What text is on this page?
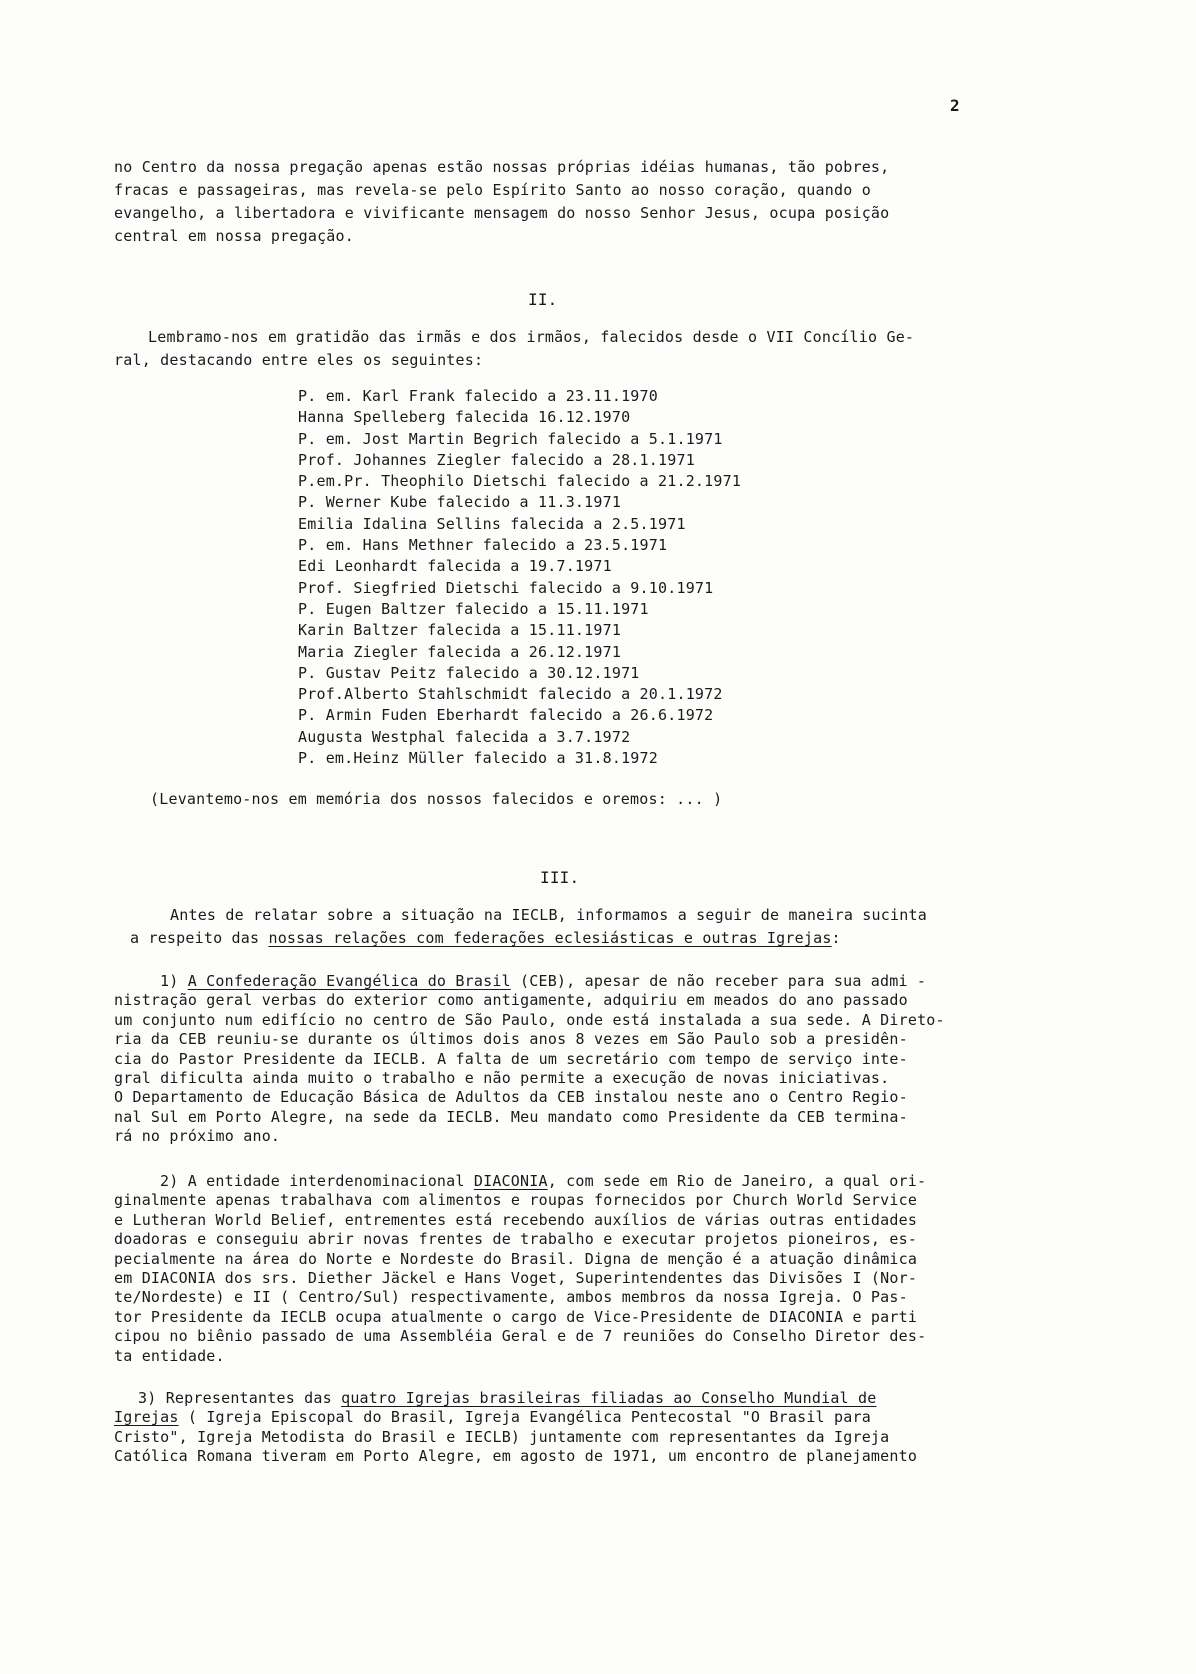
2
no Centro da nossa pregação apenas estão nossas próprias idéias humanas, tão pobres,
fracas e passageiras, mas revela-se pelo Espírito Santo ao nosso coração, quando o
evangelho, a libertadora e vivificante mensagem do nosso Senhor Jesus, ocupa posição
central em nossa pregação.
II.
Lembramo-nos em gratidão das irmãs e dos irmãos, falecidos desde o VII Concílio Ge-
ral, destacando entre eles os seguintes:
P. em. Karl Frank falecido a 23.11.1970
Hanna Spelleberg falecida 16.12.1970
P. em. Jost Martin Begrich falecido a 5.1.1971
Prof. Johannes Ziegler falecido a 28.1.1971
P.em.Pr. Theophilo Dietschi falecido a 21.2.1971
P. Werner Kube falecido a 11.3.1971
Emilia Idalina Sellins falecida a 2.5.1971
P. em. Hans Methner falecido a 23.5.1971
Edi Leonhardt falecida a 19.7.1971
Prof. Siegfried Dietschi falecido a 9.10.1971
P. Eugen Baltzer falecido a 15.11.1971
Karin Baltzer falecida a 15.11.1971
Maria Ziegler falecida a 26.12.1971
P. Gustav Peitz falecido a 30.12.1971
Prof.Alberto Stahlschmidt falecido a 20.1.1972
P. Armin Fuden Eberhardt falecido a 26.6.1972
Augusta Westphal falecida a 3.7.1972
P. em.Heinz Müller falecido a 31.8.1972
(Levantemo-nos em memória dos nossos falecidos e oremos: ... )
III.
Antes de relatar sobre a situação na IECLB, informamos a seguir de maneira sucinta
a respeito das nossas relações com federações eclesiásticas e outras Igrejas:
1) A Confederação Evangélica do Brasil (CEB), apesar de não receber para sua admi -
nistração geral verbas do exterior como antigamente, adquiriu em meados do ano passado
um conjunto num edifício no centro de São Paulo, onde está instalada a sua sede. A Direto-
ria da CEB reuniu-se durante os últimos dois anos 8 vezes em São Paulo sob a presidên-
cia do Pastor Presidente da IECLB. A falta de um secretário com tempo de serviço inte-
gral dificulta ainda muito o trabalho e não permite a execução de novas iniciativas.
O Departamento de Educação Básica de Adultos da CEB instalou neste ano o Centro Regio-
nal Sul em Porto Alegre, na sede da IECLB. Meu mandato como Presidente da CEB termina-
rá no próximo ano.
2) A entidade interdenominacional DIACONIA, com sede em Rio de Janeiro, a qual ori-
ginalmente apenas trabalhava com alimentos e roupas fornecidos por Church World Service
e Lutheran World Belief, entrementes está recebendo auxílios de várias outras entidades
doadoras e conseguiu abrir novas frentes de trabalho e executar projetos pioneiros, es-
pecialmente na área do Norte e Nordeste do Brasil. Digna de menção é a atuação dinâmica
em DIACONIA dos srs. Diether Jäckel e Hans Voget, Superintendentes das Divisões I (Nor-
te/Nordeste) e II ( Centro/Sul) respectivamente, ambos membros da nossa Igreja. O Pas-
tor Presidente da IECLB ocupa atualmente o cargo de Vice-Presidente de DIACONIA e parti
cipou no biênio passado de uma Assembléia Geral e de 7 reuniões do Conselho Diretor des-
ta entidade.
3) Representantes das quatro Igrejas brasileiras filiadas ao Conselho Mundial de
Igrejas ( Igreja Episcopal do Brasil, Igreja Evangélica Pentecostal "O Brasil para
Cristo", Igreja Metodista do Brasil e IECLB) juntamente com representantes da Igreja
Católica Romana tiveram em Porto Alegre, em agosto de 1971, um encontro de planejamento
